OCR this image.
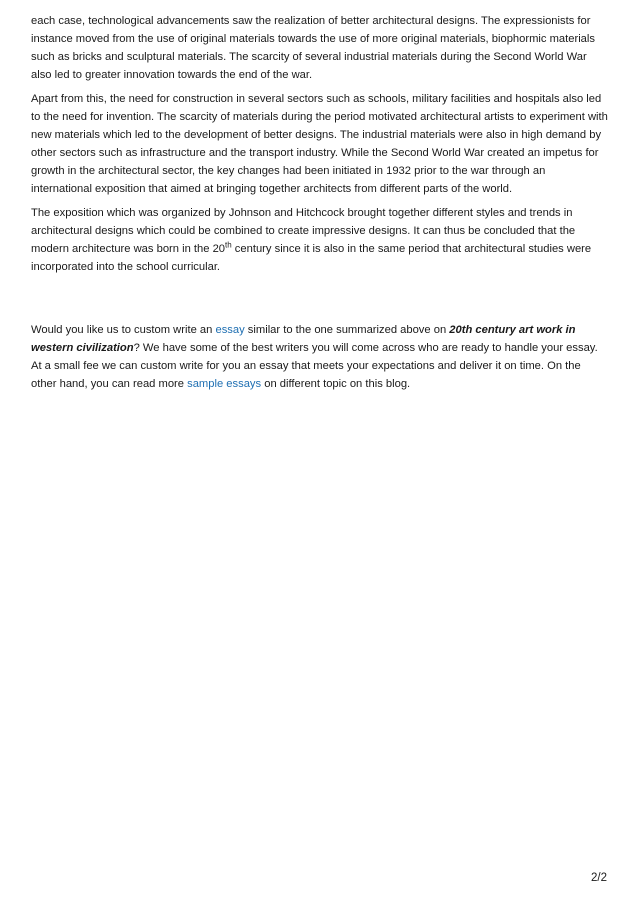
each case, technological advancements saw the realization of better architectural designs. The expressionists for instance moved from the use of original materials towards the use of more original materials, biophormic materials such as bricks and sculptural materials. The scarcity of several industrial materials during the Second World War also led to greater innovation towards the end of the war.

Apart from this, the need for construction in several sectors such as schools, military facilities and hospitals also led to the need for invention. The scarcity of materials during the period motivated architectural artists to experiment with new materials which led to the development of better designs. The industrial materials were also in high demand by other sectors such as infrastructure and the transport industry. While the Second World War created an impetus for growth in the architectural sector, the key changes had been initiated in 1932 prior to the war through an international exposition that aimed at bringing together architects from different parts of the world.

The exposition which was organized by Johnson and Hitchcock brought together different styles and trends in architectural designs which could be combined to create impressive designs. It can thus be concluded that the modern architecture was born in the 20th century since it is also in the same period that architectural studies were incorporated into the school curricular.

Would you like us to custom write an essay similar to the one summarized above on 20th century art work in western civilization? We have some of the best writers you will come across who are ready to handle your essay. At a small fee we can custom write for you an essay that meets your expectations and deliver it on time. On the other hand, you can read more sample essays on different topic on this blog.

2/2
